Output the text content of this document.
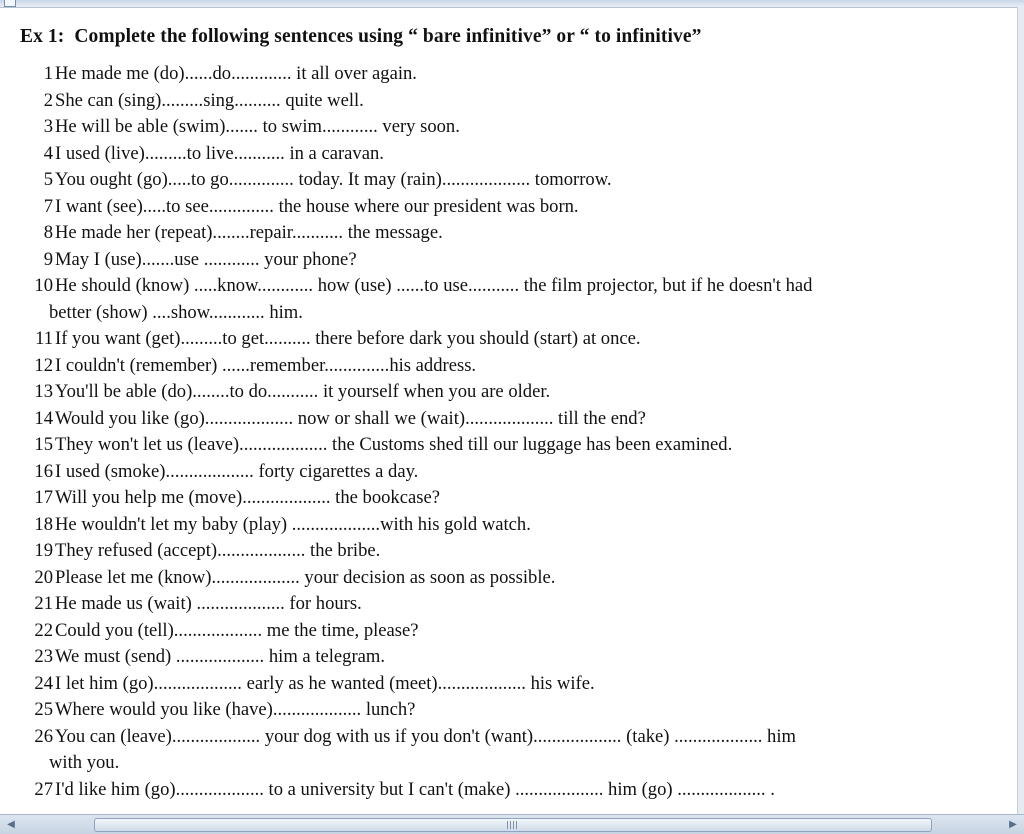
Ex 1:  Complete the following sentences using “ bare infinitive” or “ to infinitive”
1 He made me (do)......do............. it all over again.
2 She can (sing).........sing.......... quite well.
3 He will be able (swim)....... to swim............ very soon.
4 I used (live).........to live........... in a caravan.
5 You ought (go).....to go.............. today. It may (rain)................... tomorrow.
7 I want (see).....to see.............. the house where our president was born.
8 He made her (repeat)........repair........... the message.
9 May I (use).......use ............ your phone?
10 He should (know) .....know............ how (use) ......to use........... the film projector, but if he doesn't had
better (show) ....show............ him.
11 If you want (get).........to get.......... there before dark you should (start) at once.
12 I couldn't (remember) ......remember..............his address.
13 You'll be able (do)........to do........... it yourself when you are older.
14 Would you like (go)................... now or shall we (wait)................... till the end?
15 They won't let us (leave)................... the Customs shed till our luggage has been examined.
16 I used (smoke)................... forty cigarettes a day.
17 Will you help me (move)................... the bookcase?
18 He wouldn't let my baby (play) ...................with his gold watch.
19 They refused (accept)................... the bribe.
20 Please let me (know)................... your decision as soon as possible.
21 He made us (wait) ................... for hours.
22 Could you (tell)................... me the time, please?
23 We must (send) ................... him a telegram.
24 I let him (go)................... early as he wanted (meet)................... his wife.
25 Where would you like (have)................... lunch?
26 You can (leave)................... your dog with us if you don't (want)................... (take) ................... him
with you.
27 I'd like him (go)................... to a university but I can't (make) ................... him (go) ................... .
◀	▶
